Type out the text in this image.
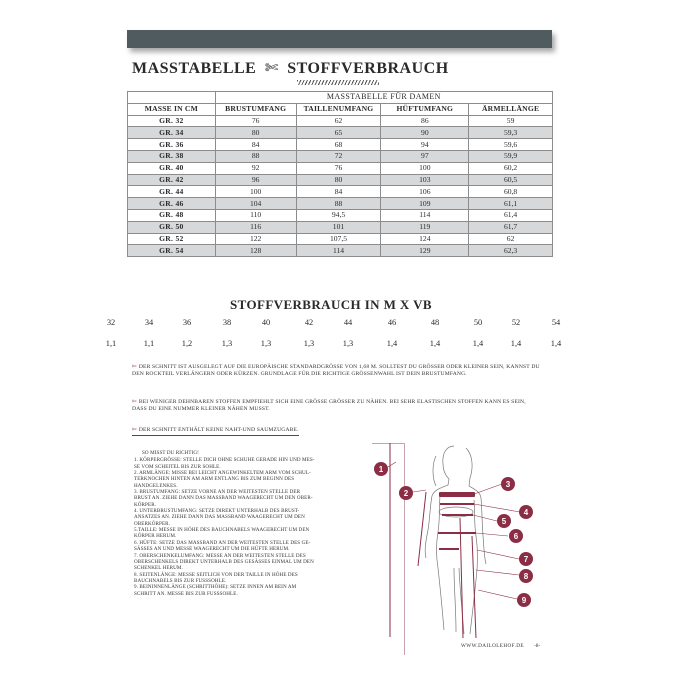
MASSTABELLE ✄ STOFFVERBRAUCH
	MASSTABELLE FÜR DAMEN			
MASSE IN CM	BRUSTUMFANG	TAILLENUMFANG	HÜFTUMFANG	ÄRMELLÄNGE
GR. 32	76	62	86	59
GR. 34	80	65	90	59,3
GR. 36	84	68	94	59,6
GR. 38	88	72	97	59,9
GR. 40	92	76	100	60,2
GR. 42	96	80	103	60,5
GR. 44	100	84	106	60,8
GR. 46	104	88	109	61,1
GR. 48	110	94,5	114	61,4
GR. 50	116	101	119	61,7
GR. 52	122	107,5	124	62
GR. 54	128	114	129	62,3
STOFFVERBRAUCH IN M X VB
32	34	36	38	40	42	44	46	48	50	52	54
1,1	1,1	1,2	1,3	1,3	1,3	1,3	1,4	1,4	1,4	1,4	1,4
✄ DER SCHNITT IST AUSGELEGT AUF DIE EUROPÄISCHE STANDARDGRÖSSE VON 1,68 M. SOLLTEST DU GRÖSSER ODER KLEINER SEIN, KANNST DU DEN ROCKTEIL VERLÄNGERN ODER KÜRZEN. GRUNDLAGE FÜR DIE RICHTIGE GRÖSSENWAHL IST DEIN BRUSTUMFANG.
✄ BEI WENIGER DEHNBAREN STOFFEN EMPFIEHLT SICH EINE GRÖSSE GRÖSSER ZU NÄHEN. BEI SEHR ELASTISCHEN STOFFEN KANN ES SEIN, DASS DU EINE NUMMER KLEINER NÄHEN MUSST.
✄ DER SCHNITT ENTHÄLT KEINE NAHT-UND SAUMZUGABE.
SO MISST DU RICHTIG!
1. KÖRPERGRÖSSE: STELLE DICH OHNE SCHUHE GERADE HIN UND MES-
SE VOM SCHEITEL BIS ZUR SOHLE.
2. ARMLÄNGE: MISSE BEI LEICHT ANGEWINKELTEM ARM VOM SCHUL-
TERKNOCHEN HINTEN AM ARM ENTLANG BIS ZUM BEGINN DES
HANDGELENKES.
3. BRUSTUMFANG: SETZE VORNE AN DER WEITESTEN STELLE DER
BRUST AN. ZIEHE DANN DAS MASSBAND WAAGERECHT UM DEN OBER-
KÖRPER.
4. UNTERBRUSTUMFANG: SETZE DIREKT UNTERHALB DES BRUST-
ANSATZES AN. ZIEHE DANN DAS MASSBAND WAAGERECHT UM DEN
OBERKÖRPER.
5.TAILLE: MESSE IN HÖHE DES BAUCHNABELS WAAGERECHT UM DEN
KÖRPER HERUM.
6. HÜFTE: SETZE DAS MASSBAND AN DER WEITESTEN STELLE DES GE-
SÄSSES AN UND MESSE WAAGERECHT UM DIE HÜFTE HERUM.
7. OBERSCHENKELUMFANG: MESSE AN DER WEITESTEN STELLE DES
OBERSCHENKELS DIREKT UNTERHALB DES GESÄSSES EINMAL UM DEN
SCHENKEL HERUM.
8. SEITENLÄNGE: MESSE SEITLICH VON DER TAILLE IN HÖHE DES
BAUCHNABELS BIS ZUR FUSSSOHLE.
9. BEININNENLÄNGE (SCHRITTHÖHE): SETZE INNEN AM BEIN AM
SCHRITT AN. MESSE BIS ZUR FUSSSOHLE.
1
2
3
4
5
6
7
8
9
WWW.DAILOLEHOF.DE -8-
